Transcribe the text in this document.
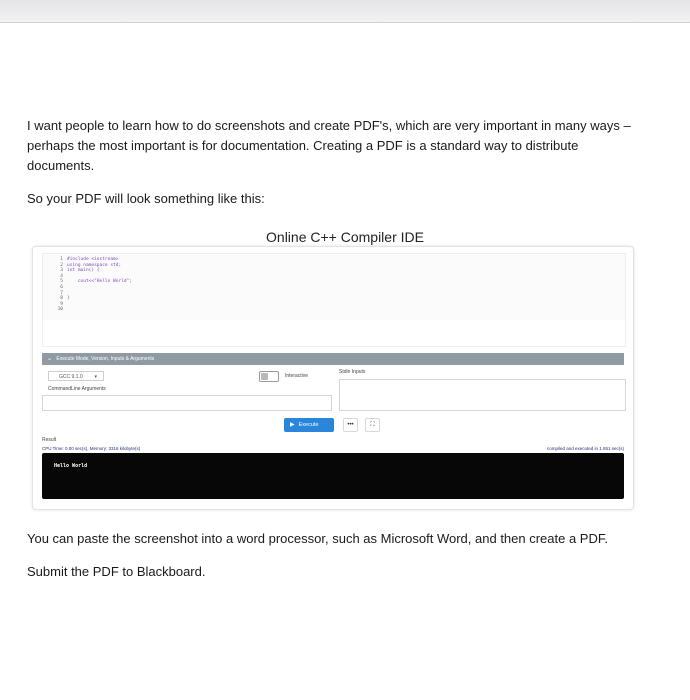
I want people to learn how to do screenshots and create PDF's, which are very important in many ways – perhaps the most important is for documentation. Creating a PDF is a standard way to distribute documents.
So your PDF will look something like this:
Online C++ Compiler IDE
1
2
3
4
5
6
7
8
9
10
#include <iostream>
using namespace std;
int main() {

cout<<"Hello World";

}
⌄ Execute Mode, Version, Inputs & Arguments
GCC 9.1.0 ▾
CommandLine Arguments
Interactive
Stdin Inputs
▶ Execute	•••	⛶
Result
CPU Time: 0.00 sec(s), Memory: 3316 kilobyte(s)	compiled and executed in 1.651 sec(s)
Hello World
You can paste the screenshot into a word processor, such as Microsoft Word, and then create a PDF.
Submit the PDF to Blackboard.
